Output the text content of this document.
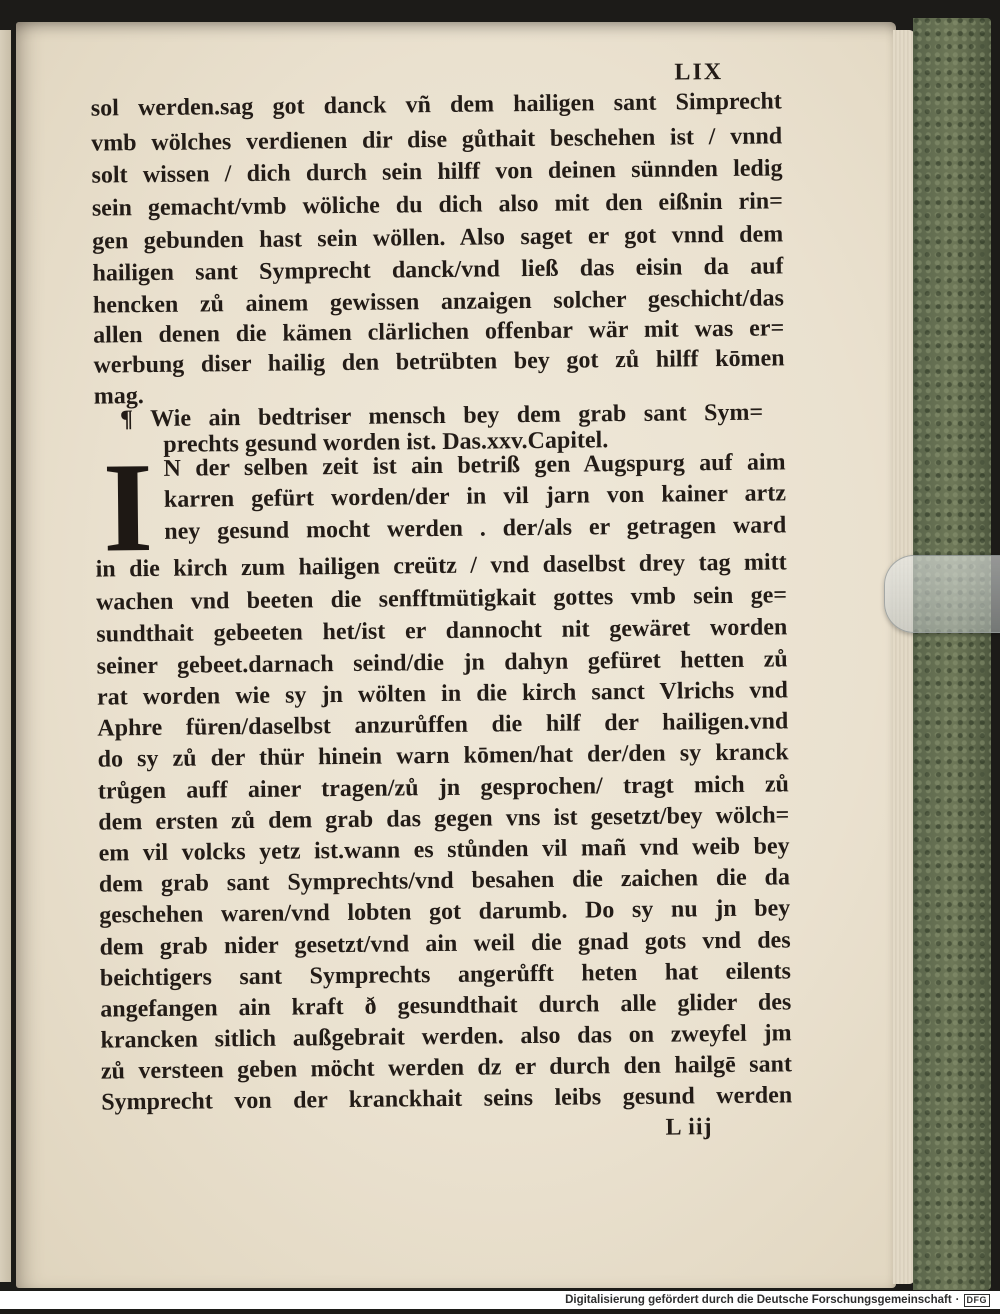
LIX
sol werden.sag got danck vñ dem hailigen sant Simprecht
vmb wölches verdienen dir dise gůthait beschehen ist / vnnd
solt wissen / dich durch sein hilff von deinen sünnden ledig
sein gemacht/vmb wöliche du dich also mit den eißnin rin=
gen gebunden hast sein wöllen. Also saget er got vnnd dem
hailigen sant Symprecht danck/vnd ließ das eisin da auf
hencken zů ainem gewissen anzaigen solcher geschicht/das
allen denen die kämen clärlichen offenbar wär mit was er=
werbung diser hailig den betrübten bey got zů hilff kōmen
mag.
¶ Wie ain bedtriser mensch bey dem grab sant Sym=
prechts gesund worden ist. Das.xxv.Capitel.
I N der selben zeit ist ain betriß gen Augspurg auf aim
karren gefürt worden/der in vil jarn von kainer artz
ney gesund mocht werden . der/als er getragen ward
in die kirch zum hailigen creütz / vnd daselbst drey tag mitt
wachen vnd beeten die senfftmütigkait gottes vmb sein ge=
sundthait gebeeten het/ist er dannocht nit gewäret worden
seiner gebeet.darnach seind/die jn dahyn gefüret hetten zů
rat worden wie sy jn wölten in die kirch sanct Vlrichs vnd
Aphre füren/daselbst anzurůffen die hilf der hailigen.vnd
do sy zů der thür hinein warn kōmen/hat der/den sy kranck
trůgen auff ainer tragen/zů jn gesprochen/ tragt mich zů
dem ersten zů dem grab das gegen vns ist gesetzt/bey wölch=
em vil volcks yetz ist.wann es stůnden vil mañ vnd weib bey
dem grab sant Symprechts/vnd besahen die zaichen die da
geschehen waren/vnd lobten got darumb. Do sy nu jn bey
dem grab nider gesetzt/vnd ain weil die gnad gots vnd des
beichtigers sant Symprechts angerůfft heten hat eilents
angefangen ain kraft ð gesundthait durch alle glider des
krancken sitlich außgebrait werden. also das on zweyfel jm
zů versteen geben möcht werden dz er durch den hailgē sant
Symprecht von der kranckhait seins leibs gesund werden
L iij
Digitalisierung gefördert durch die Deutsche Forschungsgemeinschaft · DFG
